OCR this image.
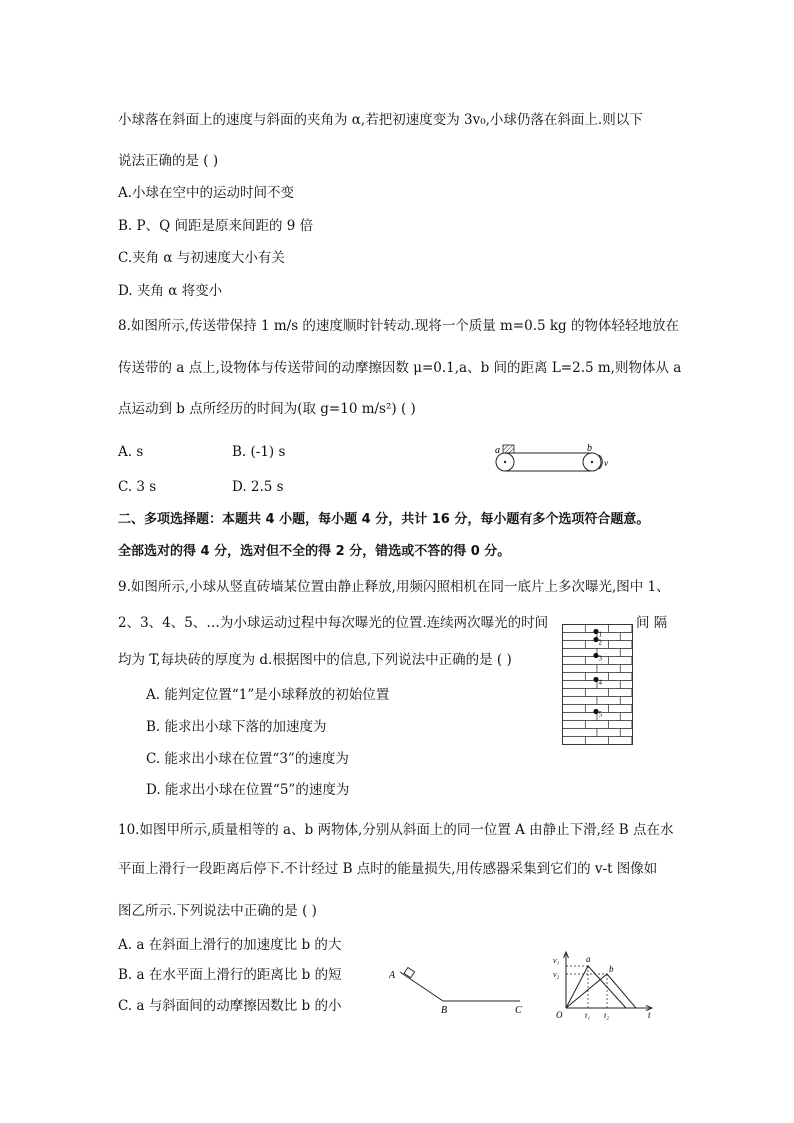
小球落在斜面上的速度与斜面的夹角为 α,若把初速度变为 3v₀,小球仍落在斜面上.则以下
说法正确的是 ( )
A.小球在空中的运动时间不变
B. P、Q 间距是原来间距的 9 倍
C.夹角 α 与初速度大小有关
D. 夹角 α 将变小
8.如图所示,传送带保持 1 m/s 的速度顺时针转动.现将一个质量 m=0.5 kg 的物体轻轻地放在
传送带的 a 点上,设物体与传送带间的动摩擦因数 μ=0.1,a、b 间的距离 L=2.5 m,则物体从 a
点运动到 b 点所经历的时间为(取 g=10 m/s²) ( )
A. s	B. (-1) s
C. 3 s	D. 2.5 s
a	b
v
二、多项选择题：本题共 4 小题，每小题 4 分，共计 16 分，每小题有多个选项符合题意。
全部选对的得 4 分，选对但不全的得 2 分，错选或不答的得 0 分。
9.如图所示,小球从竖直砖墙某位置由静止释放,用频闪照相机在同一底片上多次曝光,图中 1、
2、3、4、5、…为小球运动过程中每次曝光的位置.连续两次曝光的时间	间 隔
均为 T,每块砖的厚度为 d.根据图中的信息,下列说法中正确的是 ( )
A. 能判定位置“1”是小球释放的初始位置
B. 能求出小球下落的加速度为
C. 能求出小球在位置“3”的速度为
D. 能求出小球在位置“5”的速度为
1
2
3
4
5
10.如图甲所示,质量相等的 a、b 两物体,分别从斜面上的同一位置 A 由静止下滑,经 B 点在水
平面上滑行一段距离后停下.不计经过 B 点时的能量损失,用传感器采集到它们的 v-t 图像如
图乙所示.下列说法中正确的是 ( )
A. a 在斜面上滑行的加速度比 b 的大
B. a 在水平面上滑行的距离比 b 的短
C. a 与斜面间的动摩擦因数比 b 的小
A
B	C
v₁
v₂
a
b
O	t₁ t₂	t
